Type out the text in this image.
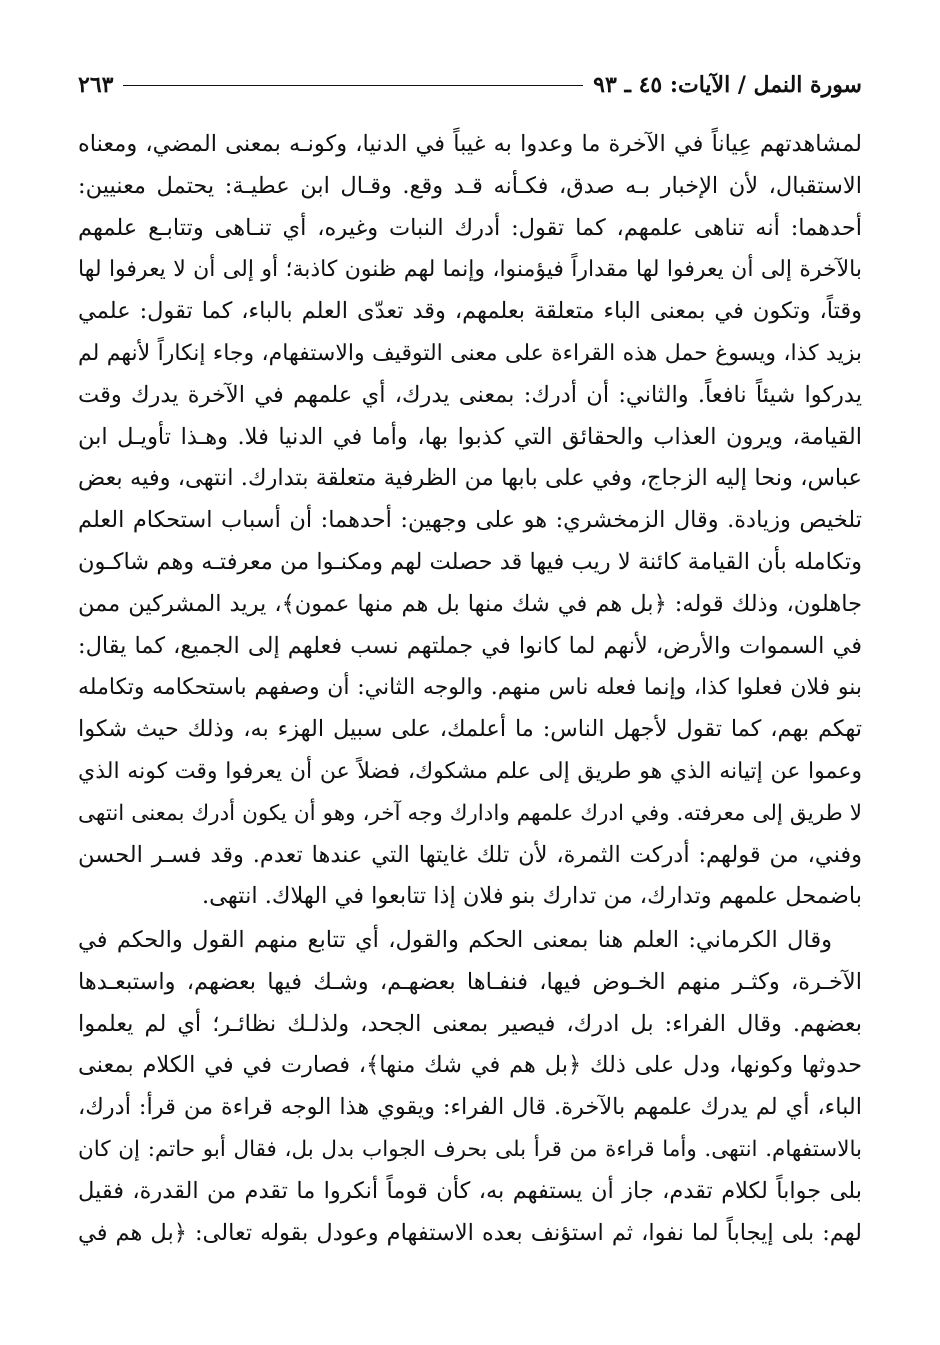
سورة النمل / الآيات: ٤٥ ـ ٩٣
٢٦٣
لمشاهدتهم عِياناً في الآخرة ما وعدوا به غيباً في الدنيا، وكونـه بمعنى المضي، ومعناه
الاستقبال، لأن الإخبار بـه صدق، فكـأنه قـد وقع. وقـال ابن عطيـة: يحتمل معنيين:
أحدهما: أنه تناهى علمهم، كما تقول: أدرك النبات وغيره، أي تنـاهى وتتابـع علمهم
بالآخرة إلى أن يعرفوا لها مقداراً فيؤمنوا، وإنما لهم ظنون كاذبة؛ أو إلى أن لا يعرفوا لها
وقتاً، وتكون في بمعنى الباء متعلقة بعلمهم، وقد تعدّى العلم بالباء، كما تقول: علمي
بزيد كذا، ويسوغ حمل هذه القراءة على معنى التوقيف والاستفهام، وجاء إنكاراً لأنهم لم
يدركوا شيئاً نافعاً. والثاني: أن أدرك: بمعنى يدرك، أي علمهم في الآخرة يدرك وقت
القيامة، ويرون العذاب والحقائق التي كذبوا بها، وأما في الدنيا فلا. وهـذا تأويـل ابن
عباس، ونحا إليه الزجاج، وفي على بابها من الظرفية متعلقة بتدارك. انتهى، وفيه بعض
تلخيص وزيادة. وقال الزمخشري: هو على وجهين: أحدهما: أن أسباب استحكام العلم
وتكامله بأن القيامة كائنة لا ريب فيها قد حصلت لهم ومكنـوا من معرفتـه وهم شاكـون
جاهلون، وذلك قوله: ﴿بل هم في شك منها بل هم منها عمون﴾، يريد المشركين ممن
في السموات والأرض، لأنهم لما كانوا في جملتهم نسب فعلهم إلى الجميع، كما يقال:
بنو فلان فعلوا كذا، وإنما فعله ناس منهم. والوجه الثاني: أن وصفهم باستحكامه وتكامله
تهكم بهم، كما تقول لأجهل الناس: ما أعلمك، على سبيل الهزء به، وذلك حيث شكوا
وعموا عن إتيانه الذي هو طريق إلى علم مشكوك، فضلاً عن أن يعرفوا وقت كونه الذي
لا طريق إلى معرفته. وفي ادرك علمهم وادارك وجه آخر، وهو أن يكون أدرك بمعنى انتهى
وفني، من قولهم: أدركت الثمرة، لأن تلك غايتها التي عندها تعدم. وقد فسـر الحسن
باضمحل علمهم وتدارك، من تدارك بنو فلان إذا تتابعوا في الهلاك. انتهى.
وقال الكرماني: العلم هنا بمعنى الحكم والقول، أي تتابع منهم القول والحكم في
الآخـرة، وكثـر منهم الخـوض فيها، فنفـاها بعضهـم، وشـك فيها بعضهم، واستبعـدها
بعضهم. وقال الفراء: بل ادرك، فيصير بمعنى الجحد، ولذلـك نظائـر؛ أي لم يعلموا
حدوثها وكونها، ودل على ذلك ﴿بل هم في شك منها﴾، فصارت في في الكلام بمعنى
الباء، أي لم يدرك علمهم بالآخرة. قال الفراء: ويقوي هذا الوجه قراءة من قرأ: أدرك،
بالاستفهام. انتهى. وأما قراءة من قرأ بلى بحرف الجواب بدل بل، فقال أبو حاتم: إن كان
بلى جواباً لكلام تقدم، جاز أن يستفهم به، كأن قوماً أنكروا ما تقدم من القدرة، فقيل
لهم: بلى إيجاباً لما نفوا، ثم استؤنف بعده الاستفهام وعودل بقوله تعالى: ﴿بل هم في
